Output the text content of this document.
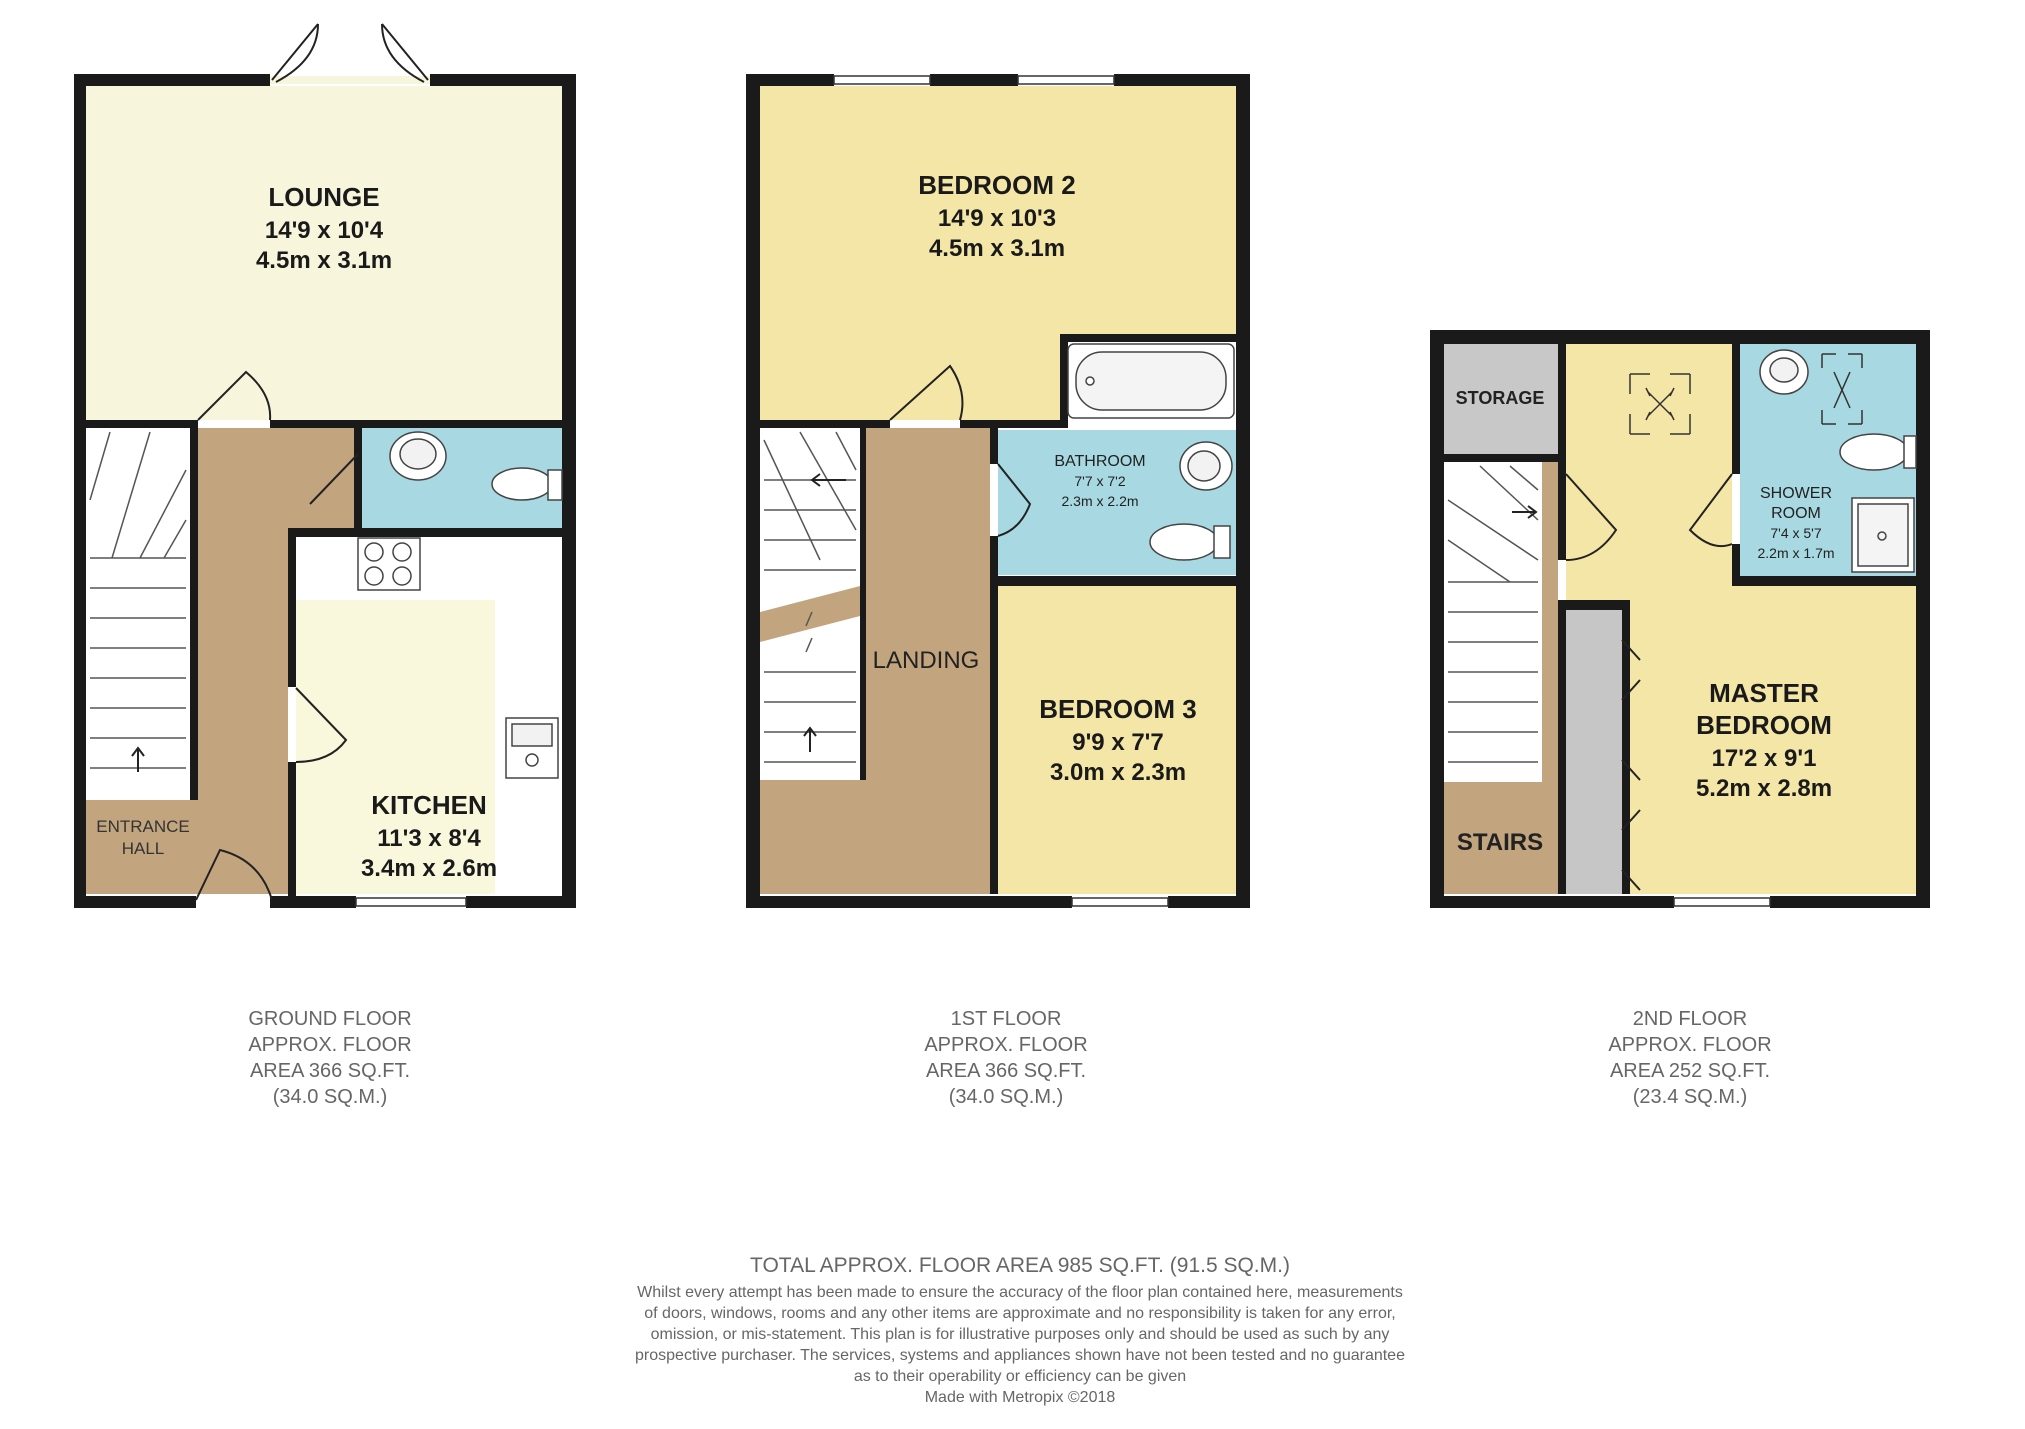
LOUNGE
14'9 x 10'4
4.5m x 3.1m
KITCHEN
11'3 x 8'4
3.4m x 2.6m
ENTRANCE
HALL
BEDROOM 2
14'9 x 10'3
4.5m x 3.1m
BATHROOM
7'7 x 7'2
2.3m x 2.2m
LANDING
BEDROOM 3
9'9 x 7'7
3.0m x 2.3m
STORAGE
SHOWER
ROOM
7'4 x 5'7
2.2m x 1.7m
MASTER
BEDROOM
17'2 x 9'1
5.2m x 2.8m
STAIRS
GROUND FLOOR
APPROX. FLOOR
AREA 366 SQ.FT.
(34.0 SQ.M.)
1ST FLOOR
APPROX. FLOOR
AREA 366 SQ.FT.
(34.0 SQ.M.)
2ND FLOOR
APPROX. FLOOR
AREA 252 SQ.FT.
(23.4 SQ.M.)
TOTAL APPROX. FLOOR AREA 985 SQ.FT. (91.5 SQ.M.)
Whilst every attempt has been made to ensure the accuracy of the floor plan contained here, measurements
of doors, windows, rooms and any other items are approximate and no responsibility is taken for any error,
omission, or mis-statement. This plan is for illustrative purposes only and should be used as such by any
prospective purchaser. The services, systems and appliances shown have not been tested and no guarantee
as to their operability or efficiency can be given
Made with Metropix ©2018
